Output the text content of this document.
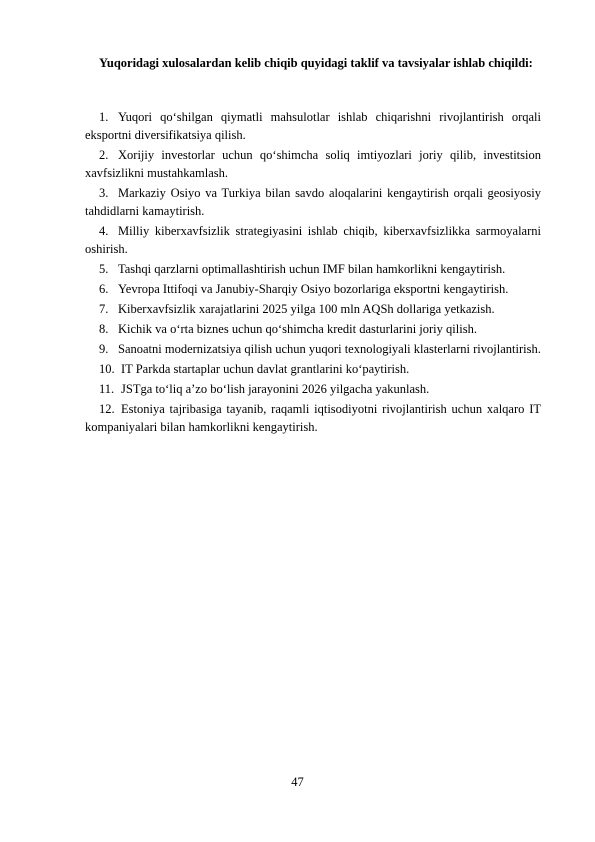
Yuqoridagi xulosalardan kelib chiqib quyidagi taklif va tavsiyalar ishlab chiqildi:

1. Yuqori qo‘shilgan qiymatli mahsulotlar ishlab chiqarishni rivojlantirish orqali eksportni diversifikatsiya qilish.
2. Xorijiy investorlar uchun qo‘shimcha soliq imtiyozlari joriy qilib, investitsion xavfsizlikni mustahkamlash.
3. Markaziy Osiyo va Turkiya bilan savdo aloqalarini kengaytirish orqali geosiyosiy tahdidlarni kamaytirish.
4. Milliy kiberxavfsizlik strategiyasini ishlab chiqib, kiberxavfsizlikka sarmoyalarni oshirish.
5. Tashqi qarzlarni optimallashtirish uchun IMF bilan hamkorlikni kengaytirish.
6. Yevropa Ittifoqi va Janubiy-Sharqiy Osiyo bozorlariga eksportni kengaytirish.
7. Kiberxavfsizlik xarajatlarini 2025 yilga 100 mln AQSh dollariga yetkazish.
8. Kichik va o‘rta biznes uchun qo‘shimcha kredit dasturlarini joriy qilish.
9. Sanoatni modernizatsiya qilish uchun yuqori texnologiyali klasterlarni rivojlantirish.
10. IT Parkda startaplar uchun davlat grantlarini ko‘paytirish.
11. JSTga to‘liq a’zo bo‘lish jarayonini 2026 yilgacha yakunlash.
12. Estoniya tajribasiga tayanib, raqamli iqtisodiyotni rivojlantirish uchun xalqaro IT kompaniyalari bilan hamkorlikni kengaytirish.
47
